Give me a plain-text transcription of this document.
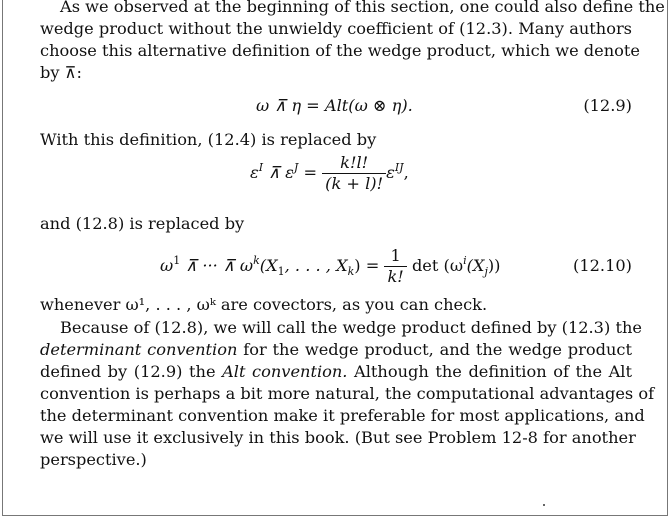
As we observed at the beginning of this section, one could also define the
wedge product without the unwieldy coefficient of (12.3). Many authors
choose this alternative definition of the wedge product, which we denote
by ⊼:
ω ⊼ η = Alt(ω ⊗ η).	(12.9)
With this definition, (12.4) is replaced by
$\varepsilon^I$ ⊼ $\varepsilon^J = \frac{k!l!}{(k + l)!} \varepsilon^{IJ}$,
and (12.8) is replaced by
$\omega^1$ ⊼ ··· ⊼ $\omega^k(X_1$, . . . , $X_k) = \frac{1}{k!}$ $\det (\omega^i(X_j))$	(12.10)
whenever ω¹, . . . , ωᵏ are covectors, as you can check.
Because of (12.8), we will call the wedge product defined by (12.3) the
determinant convention for the wedge product, and the wedge product
defined by (12.9) the Alt convention. Although the definition of the Alt
convention is perhaps a bit more natural, the computational advantages of
the determinant convention make it preferable for most applications, and
we will use it exclusively in this book. (But see Problem 12-8 for another
perspective.)
